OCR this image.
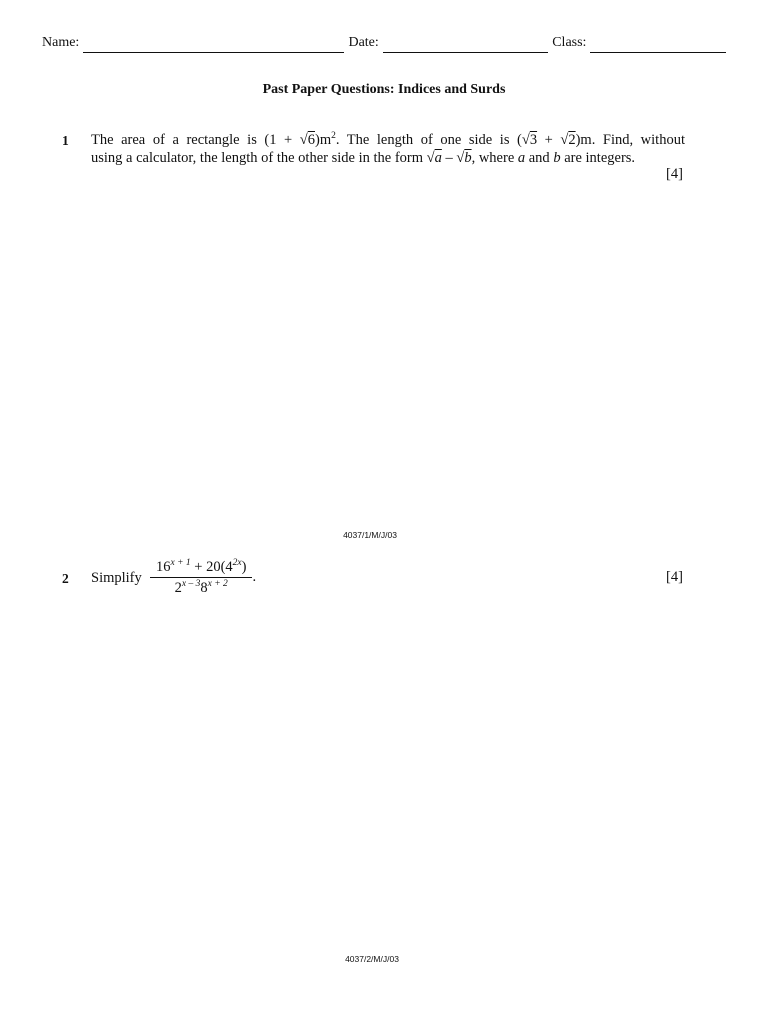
Name:	Date:	Class:
Past Paper Questions: Indices and Surds
1 The area of a rectangle is $(1 + √6)m^2$. The length of one side is (√3 + √2)m. Find, without
using a calculator, the length of the other side in the form √a – √b, where a and b are integers.
[4]
4037/1/M/J/03
2 Simplify $\frac{16^{x + 1} + 20(4^{2x})}{2^{x - 3}8^{x + 2}}$ .	[4]
4037/2/M/J/03
